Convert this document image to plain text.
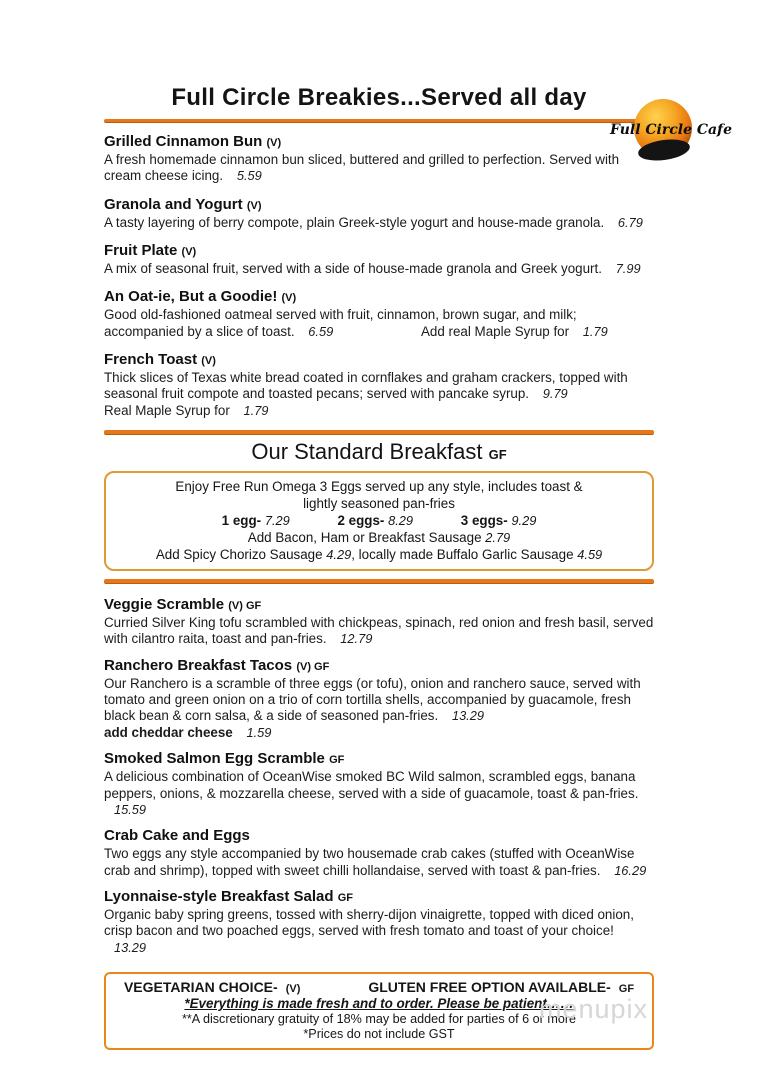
Full Circle Cafe
Full Circle Breakies...Served all day
Grilled Cinnamon Bun (V)

A fresh homemade cinnamon bun sliced, buttered and grilled to perfection. Served with cream cheese icing. 5.59

Granola and Yogurt (V)

A tasty layering of berry compote, plain Greek-style yogurt and house-made granola. 6.79

Fruit Plate (V)

A mix of seasonal fruit, served with a side of house-made granola and Greek yogurt. 7.99

An Oat-ie, But a Goodie! (V)

Good old-fashioned oatmeal served with fruit, cinnamon, brown sugar, and milk; accompanied by a slice of toast. 6.59	Add real Maple Syrup for 1.79

French Toast (V)

Thick slices of Texas white bread coated in cornflakes and graham crackers, topped with seasonal fruit compote and toasted pecans; served with pancake syrup. 9.79

Real Maple Syrup for 1.79

Our Standard Breakfast GF

Enjoy Free Run Omega 3 Eggs served up any style, includes toast &

lightly seasoned pan-fries

1 egg- 7.29	2 eggs- 8.29	3 eggs- 9.29

Add Bacon, Ham or Breakfast Sausage 2.79

Add Spicy Chorizo Sausage 4.29, locally made Buffalo Garlic Sausage 4.59

Veggie Scramble (V) GF

Curried Silver King tofu scrambled with chickpeas, spinach, red onion and fresh basil, served with cilantro raita, toast and pan-fries. 12.79

Ranchero Breakfast Tacos (V) GF

Our Ranchero is a scramble of three eggs (or tofu), onion and ranchero sauce, served with tomato and green onion on a trio of corn tortilla shells, accompanied by guacamole, fresh black bean & corn salsa, & a side of seasoned pan-fries. 13.29

add cheddar cheese 1.59

Smoked Salmon Egg Scramble GF

A delicious combination of OceanWise smoked BC Wild salmon, scrambled eggs, banana peppers, onions, & mozzarella cheese, served with a side of guacamole, toast & pan-fries. 15.59

Crab Cake and Eggs

Two eggs any style accompanied by two housemade crab cakes (stuffed with OceanWise crab and shrimp), topped with sweet chilli hollandaise, served with toast & pan-fries. 16.29

Lyonnaise-style Breakfast Salad GF

Organic baby spring greens, tossed with sherry-dijon vinaigrette, topped with diced onion, crisp bacon and two poached eggs, served with fresh tomato and toast of your choice! 13.29

VEGETARIAN CHOICE- (V)	GLUTEN FREE OPTION AVAILABLE- GF

*Everything is made fresh and to order. Please be patient……

**A discretionary gratuity of 18% may be added for parties of 6 or more

*Prices do not include GST

menupix
